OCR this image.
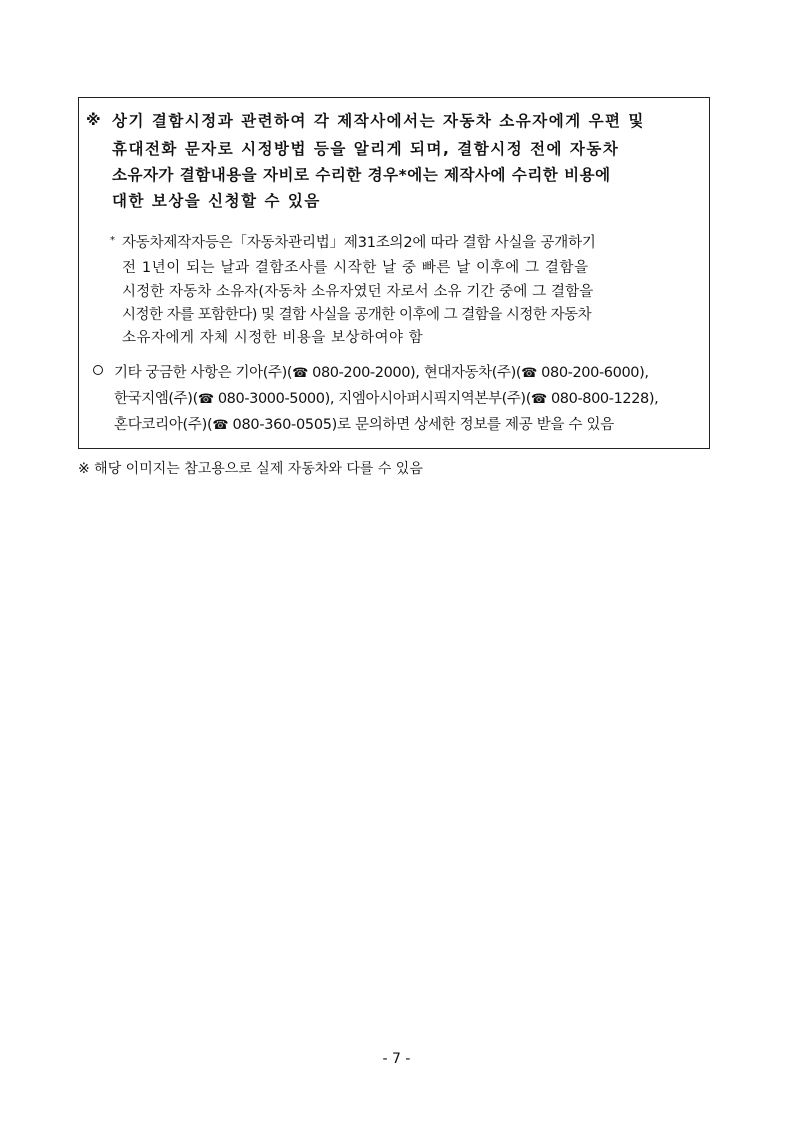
※ 상기 결함시정과 관련하여 각 제작사에서는 자동차 소유자에게 우편 및
휴대전화 문자로 시정방법 등을 알리게 되며, 결함시정 전에 자동차
소유자가 결함내용을 자비로 수리한 경우*에는 제작사에 수리한 비용에
대한 보상을 신청할 수 있음
* 자동차제작자등은「자동차관리법」제31조의2에 따라 결함 사실을 공개하기
전 1년이 되는 날과 결함조사를 시작한 날 중 빠른 날 이후에 그 결함을
시정한 자동차 소유자(자동차 소유자였던 자로서 소유 기간 중에 그 결함을
시정한 자를 포함한다) 및 결함 사실을 공개한 이후에 그 결함을 시정한 자동차
소유자에게 자체 시정한 비용을 보상하여야 함
기타 궁금한 사항은 기아(주)(☎ 080-200-2000), 현대자동차(주)(☎ 080-200-6000),
한국지엠(주)(☎ 080-3000-5000), 지엠아시아퍼시픽지역본부(주)(☎ 080-800-1228),
혼다코리아(주)(☎ 080-360-0505)로 문의하면 상세한 정보를 제공 받을 수 있음
※ 해당 이미지는 참고용으로 실제 자동차와 다를 수 있음
- 7 -
